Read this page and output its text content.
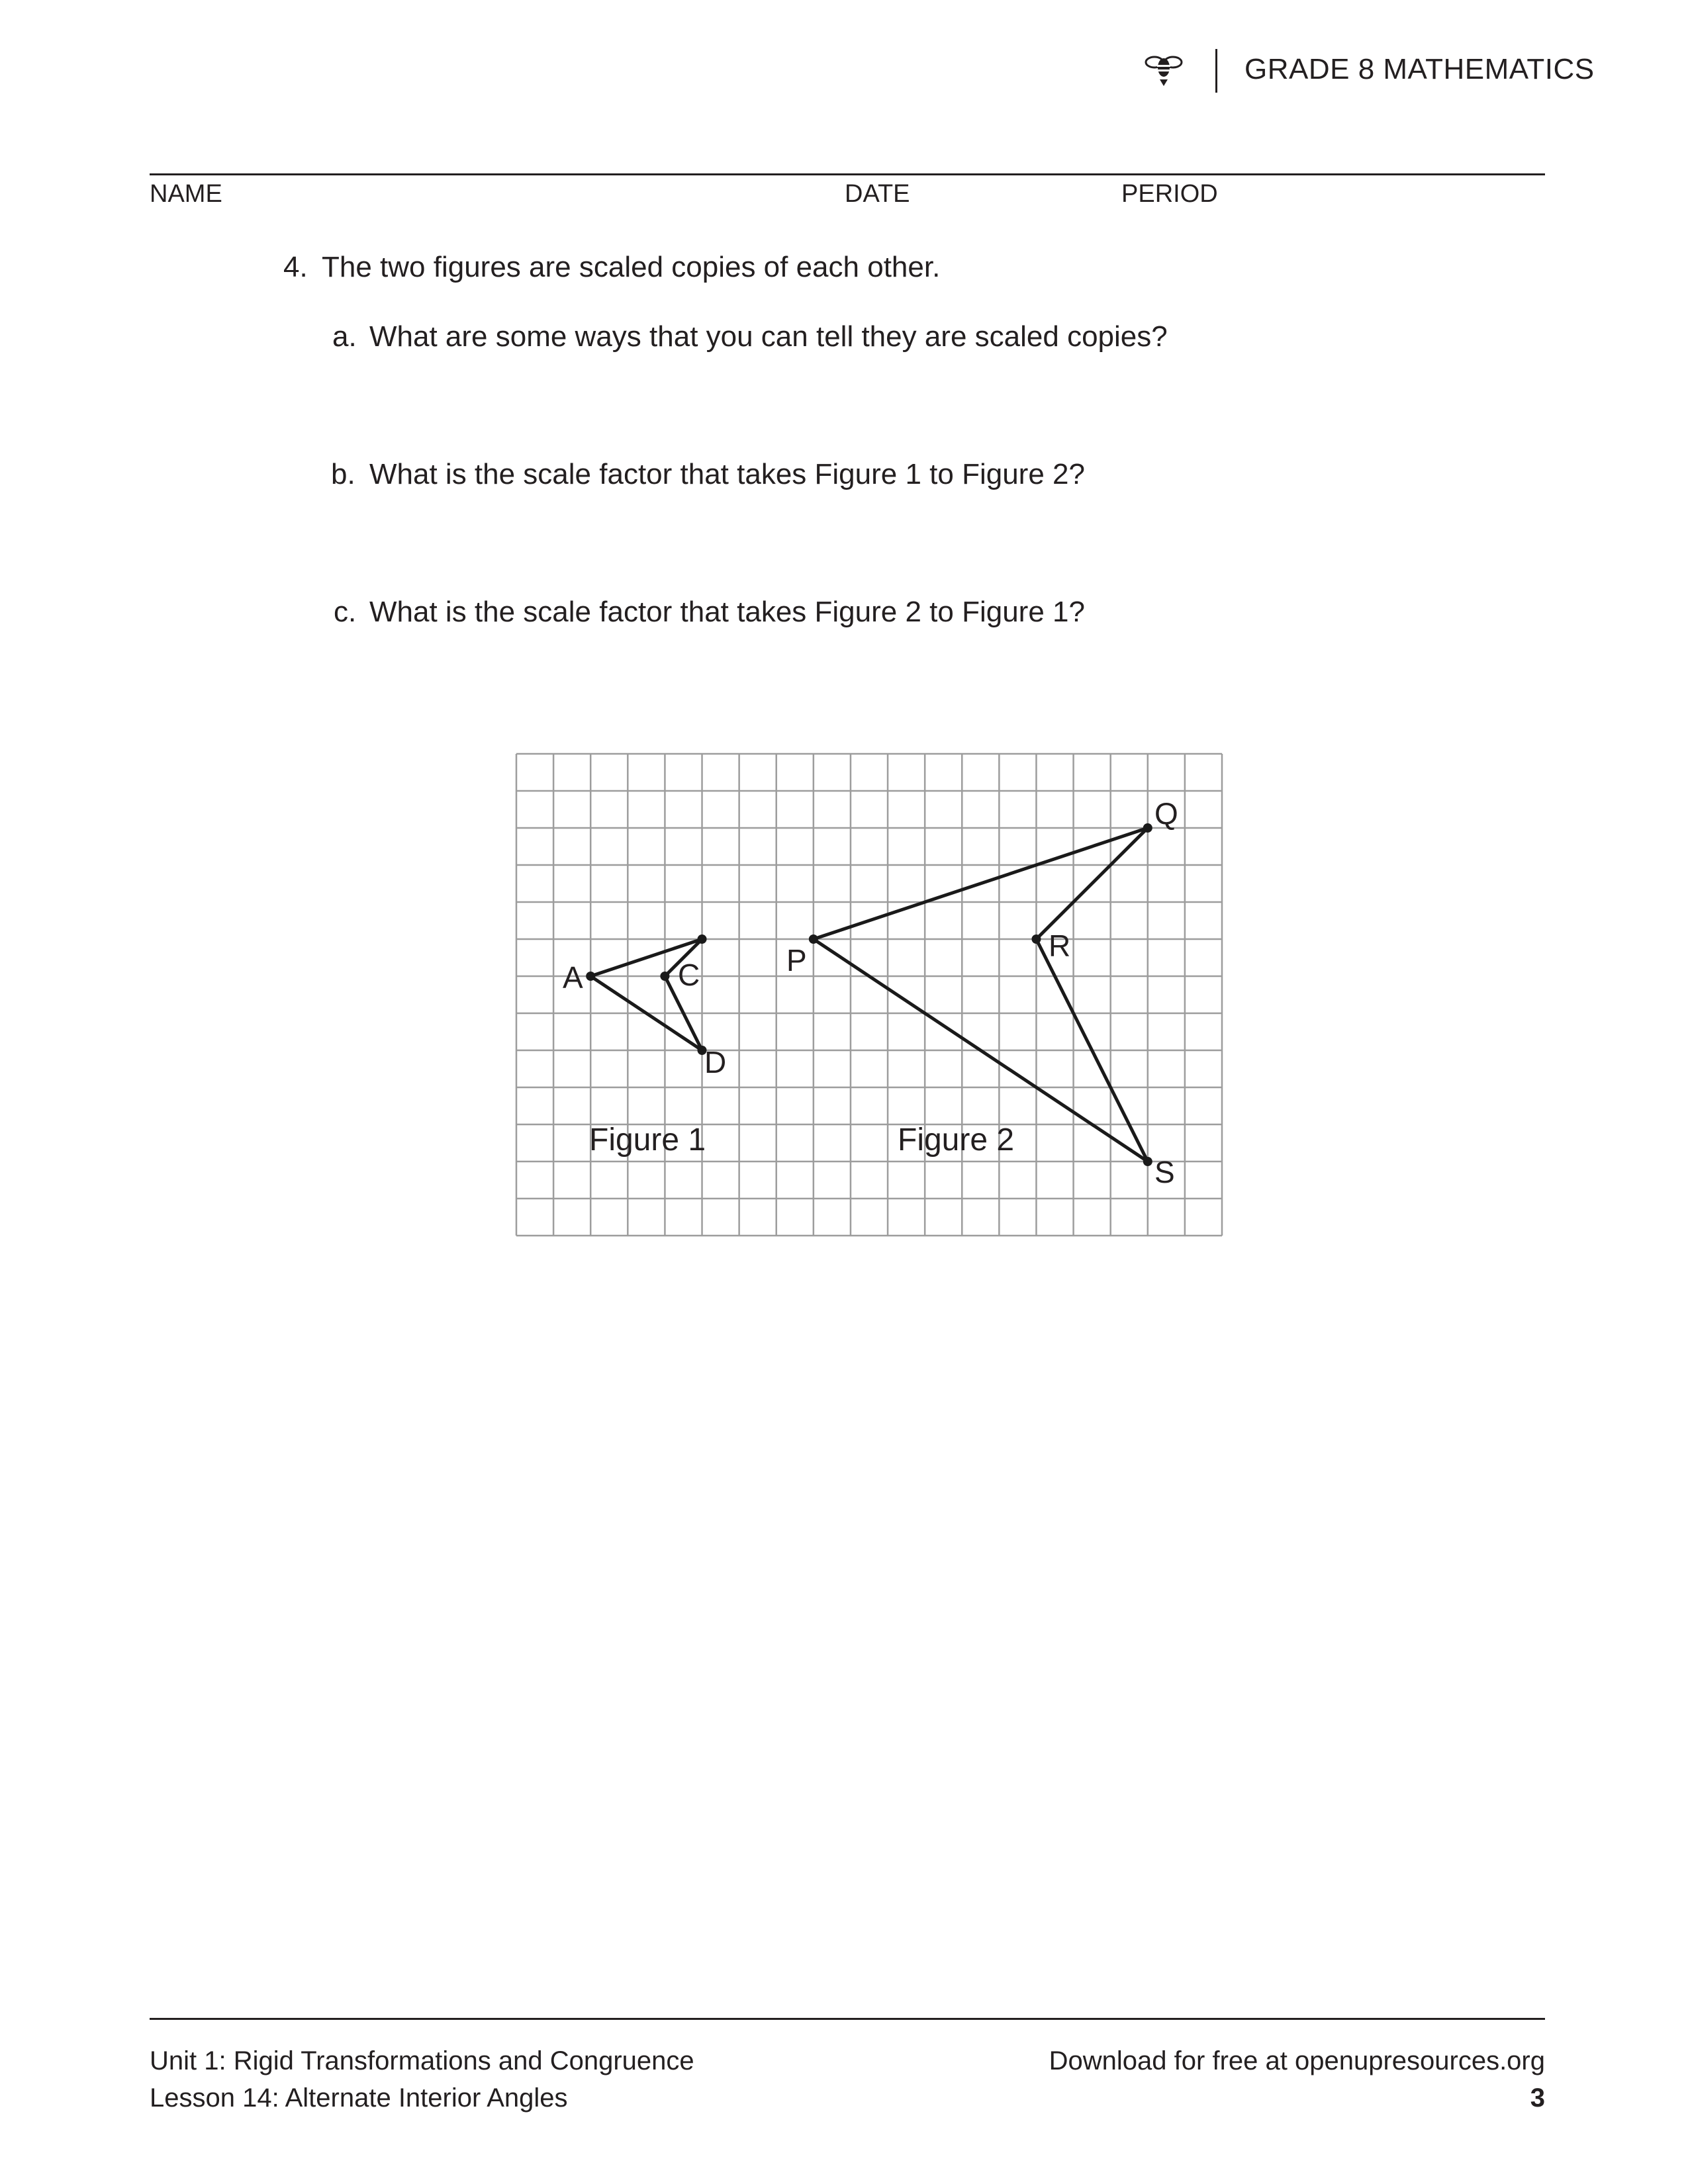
GRADE 8 MATHEMATICS
NAME	DATE	PERIOD
4. The two figures are scaled copies of each other.
a. What are some ways that you can tell they are scaled copies?
b. What is the scale factor that takes Figure 1 to Figure 2?
c. What is the scale factor that takes Figure 2 to Figure 1?
A	C
D
P
Q
R
S
Figure 1	Figure 2
Unit 1: Rigid Transformations and Congruence
Lesson 14: Alternate Interior Angles
Download for free at openupresources.org
3
